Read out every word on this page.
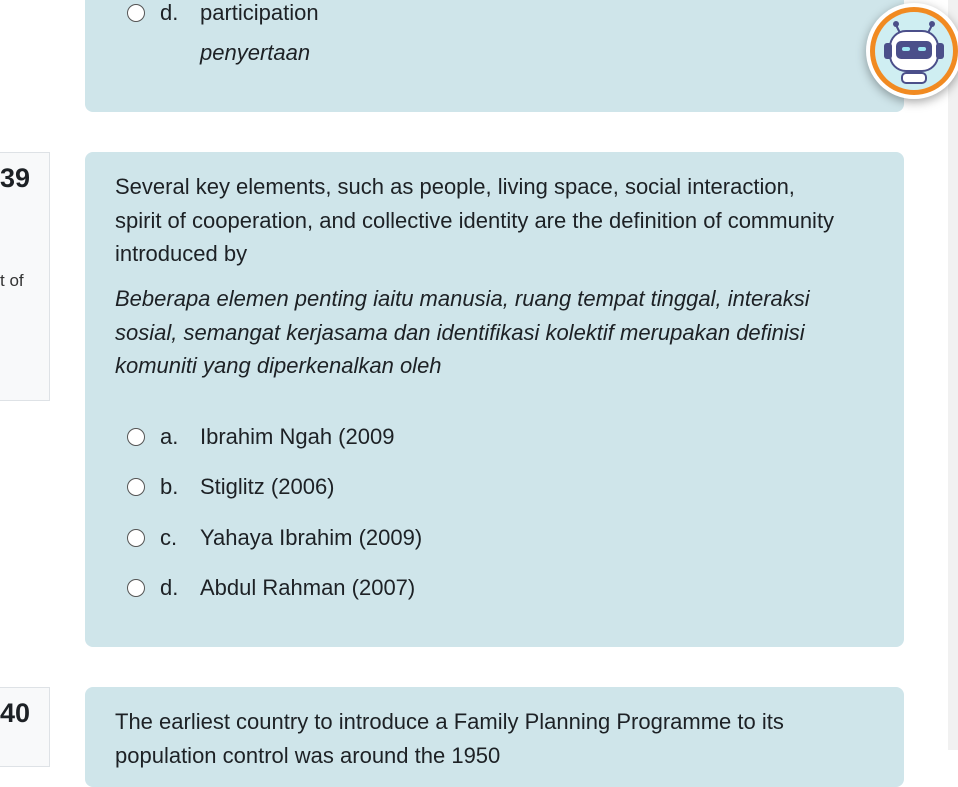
d. participation
penyertaan
39
t of
Several key elements, such as people, living space, social interaction, spirit of cooperation, and collective identity are the definition of community introduced by
Beberapa elemen penting iaitu manusia, ruang tempat tinggal, interaksi sosial, semangat kerjasama dan identifikasi kolektif merupakan definisi komuniti yang diperkenalkan oleh
a. Ibrahim Ngah (2009
b. Stiglitz (2006)
c. Yahaya Ibrahim (2009)
d. Abdul Rahman (2007)
40	The earliest country to introduce a Family Planning Programme to its population control was around the 1950
